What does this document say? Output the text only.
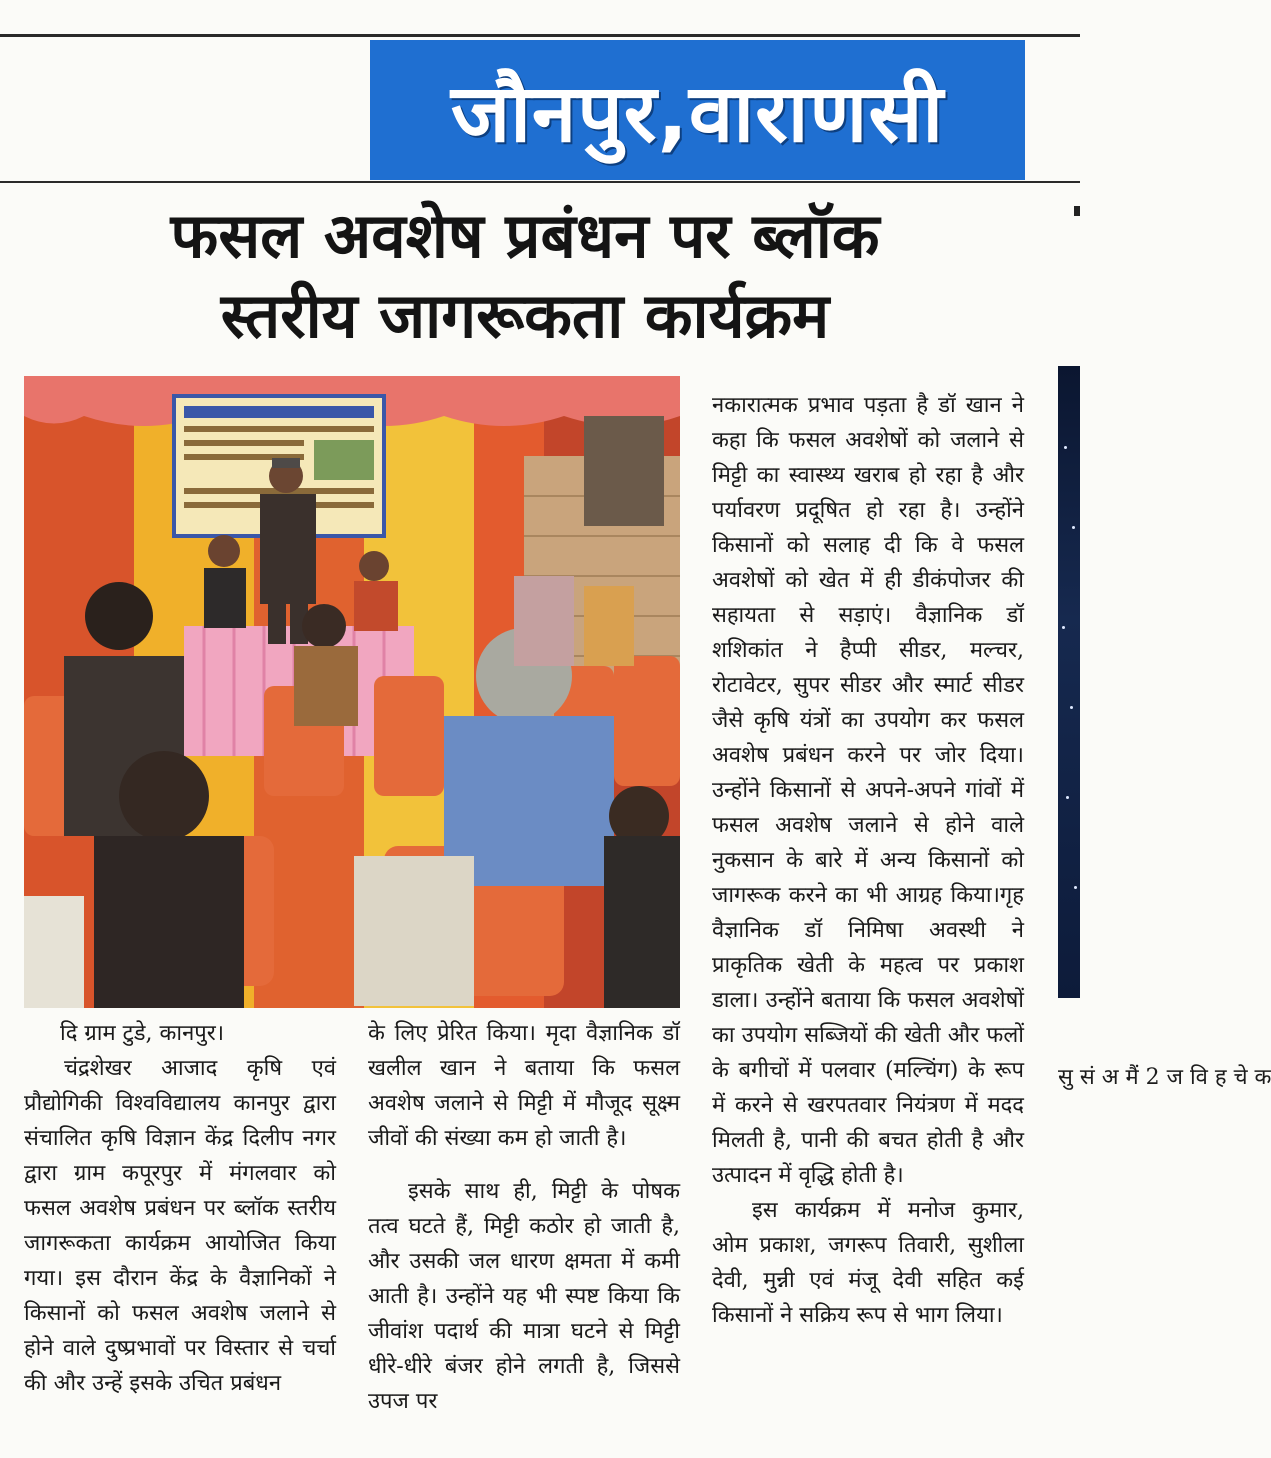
जौनपुर,वाराणसी
फसल अवशेष प्रबंधन पर ब्लॉक
स्तरीय जागरूकता कार्यक्रम

दि ग्राम टुडे, कानपुर।

चंद्रशेखर आजाद कृषि एवं प्रौद्योगिकी विश्वविद्यालय कानपुर द्वारा संचालित कृषि विज्ञान केंद्र दिलीप नगर द्वारा ग्राम कपूरपुर में मंगलवार को फसल अवशेष प्रबंधन पर ब्लॉक स्तरीय जागरूकता कार्यक्रम आयोजित किया गया। इस दौरान केंद्र के वैज्ञानिकों ने किसानों को फसल अवशेष जलाने से होने वाले दुष्प्रभावों पर विस्तार से चर्चा की और उन्हें इसके उचित प्रबंधन

के लिए प्रेरित किया। मृदा वैज्ञानिक डॉ खलील खान ने बताया कि फसल अवशेष जलाने से मिट्टी में मौजूद सूक्ष्म जीवों की संख्या कम हो जाती है।

इसके साथ ही, मिट्टी के पोषक तत्व घटते हैं, मिट्टी कठोर हो जाती है, और उसकी जल धारण क्षमता में कमी आती है। उन्होंने यह भी स्पष्ट किया कि जीवांश पदार्थ की मात्रा घटने से मिट्टी धीरे-धीरे बंजर होने लगती है, जिससे उपज पर

नकारात्मक प्रभाव पड़ता है डॉ खान ने कहा कि फसल अवशेषों को जलाने से मिट्टी का स्वास्थ्य खराब हो रहा है और पर्यावरण प्रदूषित हो रहा है। उन्होंने किसानों को सलाह दी कि वे फसल अवशेषों को खेत में ही डीकंपोजर की सहायता से सड़ाएं। वैज्ञानिक डॉ शशिकांत ने हैप्पी सीडर, मल्चर, रोटावेटर, सुपर सीडर और स्मार्ट सीडर जैसे कृषि यंत्रों का उपयोग कर फसल अवशेष प्रबंधन करने पर जोर दिया। उन्होंने किसानों से अपने-अपने गांवों में फसल अवशेष जलाने से होने वाले नुकसान के बारे में अन्य किसानों को जागरूक करने का भी आग्रह किया।गृह वैज्ञानिक डॉ निमिषा अवस्थी ने प्राकृतिक खेती के महत्व पर प्रकाश डाला। उन्होंने बताया कि फसल अवशेषों का उपयोग सब्जियों की खेती और फलों के बगीचों में पलवार (मल्चिंग) के रूप में करने से खरपतवार नियंत्रण में मदद मिलती है, पानी की बचत होती है और उत्पादन में वृद्धि होती है।

इस कार्यक्रम में मनोज कुमार, ओम प्रकाश, जगरूप तिवारी, सुशीला देवी, मुन्नी एवं मंजू देवी सहित कई किसानों ने सक्रिय रूप से भाग लिया।

सु सं अ मैं 2 ज वि ह चे क
